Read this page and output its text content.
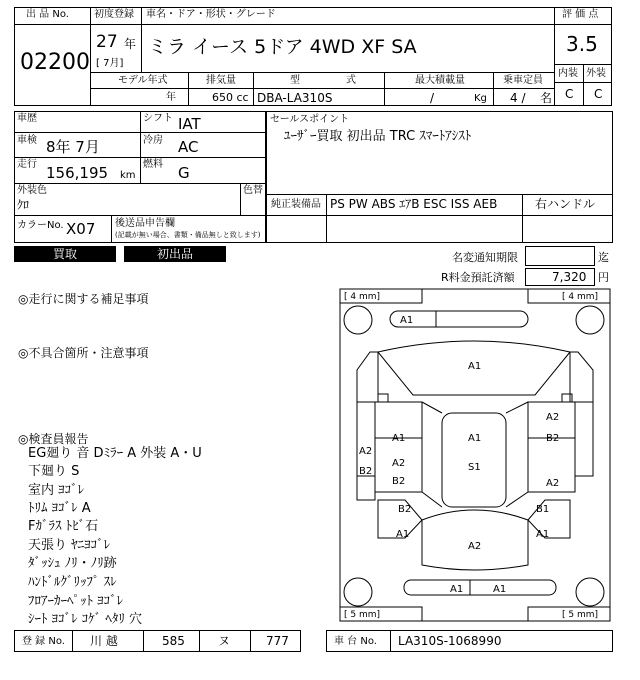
出 品 No.
02200
初度登録
27 年
[ 7月]
車名・ドア・形状・グレード
ミラ イース 5ドア 4WD XF SA
評 価 点
3.5
内装 外装
C C
モデル年式
年
排気量
650 cc
型	式
DBA-LA310S
最大積載量
/	Kg
乗車定員
4 / 名
車歴	シフト IAT
車検 8年 7月	冷房 AC
走行 156,195 km
燃料 G
外装色
ｸﾛ
色替
カラーNo. X07 後送品申告欄
(記載が無い場合、書類・備品無しと致します)
セールスポイント
ﾕｰｻﾞｰ買取 初出品 TRC ｽﾏｰﾄｱｼｽﾄ
純正装備品 PS PW ABS ｴｱB ESC ISS AEB	右ハンドル
買取	初出品	名変通知期限	迄
R料金預託済額	7,320 円
◎走行に関する補足事項
◎不具合箇所・注意事項
◎検査員報告
EG廻り 音 Dﾐﾗｰ A 外装 A・U
下廻り S
室内 ﾖｺﾞﾚ
ﾄﾘﾑ ﾖｺﾞﾚ A
Fｶﾞﾗｽ ﾄﾋﾞ石
天張り ﾔﾆﾖｺﾞﾚ
ﾀﾞｯｼｭ ﾉﾘ・ﾉﾘ跡
ﾊﾝﾄﾞﾙｸﾞﾘｯﾌﾟ ｽﾚ
ﾌﾛｱｰｶｰﾍﾟｯﾄ ﾖｺﾞﾚ
ｼｰﾄ ﾖｺﾞﾚ ｺｹﾞ ﾍﾀﾘ 穴
[ 4 mm]	[ 4 mm]
[ 5 mm]	[ 5 mm]
A1
A1
A2
A1	A1	B2
A2
A2
B2
B2	S1
A2
B2
A1
B1
A1
A2
A1	A1
登 録 No. 川 越	585	ヌ	777	車 台 No. LA310S-1068990
